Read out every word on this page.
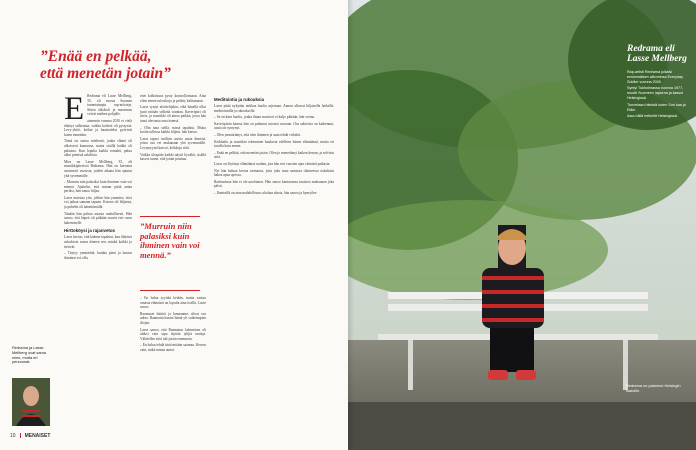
”Enää en pelkää,
että menetän jotain”
E Redrama eli Lasse Mellberg, 35, oli vuosia Suomen tunnetuimpia rap-artisteja. Sitten alkoholi ja masennus veivät miehen pohjalle.

aiemmin vuonna 2010 ei vielä ehtinyt sulkeutua, vaikka kulissit oli pystyssä. Levy-yhtiö, keikat ja haastattelut pyörivät kuten ennenkin.

Tämä on tarina miehestä, jonka elämä oli ulkoisesti kunnossa, mutta sisällä kaikki oli palasina. Kun lopulta kaikki romahti, paluu alkoi pienistä askelista.

Mies on Lasse Mellberg, 35, eli musiikkipiireissä Redrama. Hän on kertonut avoimesti vuosista, joiden aikana hän ajautui yhä syvemmälle.

– Murruin niin palasiksi kuin ihminen vain voi mennä. Ajattelin, että minun pitää antaa periksi, hän sanoo hiljaa.

Lasse muistaa yön, jolloin hän ymmärsi, ettei voi jatkaa samaan tapaan. Kotona oli hiljaista, ja puhelin oli äänettömällä.

Tänään hän puhuu asiasta rauhallisesti. Hän sanoo, että häpeä oli pitkään suurin este avun hakemiselle.

Hirttoköysi ja rajanvetos

Lasse kertoo, että käänne tapahtui, kun läheiset uskalsivat sanoa ääneen sen, minkä kaikki jo tiesivät.

– Täytyy ymmärtää, kuinka pieni ja hauras ihminen voi olla.

Redrama ja Lasse Mellberg ovat sama mies, mutta eri persoonat.
”Murruin niin palasiksi kuin ihminen vain voi mennä.”

ettei kolhaisuus pysty kontrolloimaan. Aina eilen ennen tulosiltoja ja pelätty kalttamaan.

Lasse syntyi aloittelijakin, eikä hänellä ollut juuri mitään selkeää suuntaa. Kaveripiiri oli tiivis, ja musiikki oli ainoa paikka, jossa hän tunsi olevansa oma itsensä.

– Olin aina siellä, missä tapahtui. Mutta kotiin tullessa kaikki hiljeni, hän kertoo.

Lasse tapasi tuolloin useita uusia ihmisiä, joista osa vei mukanaan yhä syvemmälle. Levymyynti kasvoi, keikkoja riitti.

Vaikka ulospäin kaikki näytti hyvältä, sisällä kasvoi tunne, että jotain puuttuu.

– En halua syyttää ketään, mutta vastuu omasta elämästä on lopulta aina itsellä, Lasse sanoo.

Raumuset häiriöt ja lamaannus olivat osa arkea. Raamattu kantoi häntä yli vaikeimpien iltojen.

Lasse sanoo, että Raamatun lukeminen oli aluksi vain tapa täyttää tyhjiä tunteja. Vähitellen siitä tuli jotain enemmän.

– En halua tehdä tästä mitään saarnaa. Kerron vain, mikä minua auttoi.

Meditointia ja rukouksia

Lasse pitää nykyään tarkkaa huolta arjestaan. Aamut alkavat hiljaisella hetkellä, meditoinnilla ja rukouksella.

– Se on kuin huolto, jonka ilman moottori ei kulje pitkään, hän vertaa.

Kaveripiirin kanssa hän on puhunut asioista suoraan. Osa suhteista on katkennut, uusia on syntynyt.

– Olen ymmärtänyt, että olen ihminen ja saan tehdä virheitä.

Keikkailu ja musiikin tekeminen kuuluvat edelleen hänen elämäänsä, mutta eri tavalla kuin ennen.

– Enää en pelkää, että menetän jotain. Olen jo menettänyt kaiken kerran, ja selvisin siitä.

Lasse on löytänyt elämäänsä rauhan, jota hän etsi vuosien ajan väärästä paikasta.

Nyt hän haluaa kertoa tarinansa, jotta joku muu samassa tilanteessa uskaltaisi hakea apua ajoissa.

Rattisurmaa hän ei ole unohtanut. Hän sanoo kantavansa muistoa mukanaan joka päivä.

– Ihmisellä on aina mahdollisuus aloittaa alusta, hän sanoo ja hymyilee.

10 MENAISET
Redrama eli Lasse Mellberg

Rap-artisti Redrama julkaisi ensimmäisen albuminsa Everyday Soldier vuonna 2000.

Syntyi Tukholmassa vuonna 1977, muutti Suomeen lapsena ja kasvoi Helsingissä.

Tunnetaan hiteistä kuten Sun kaa ja Eläin.

Asuu tällä hetkellä Helsingissä.

Redrama on palannut Helsingin kaduille.
